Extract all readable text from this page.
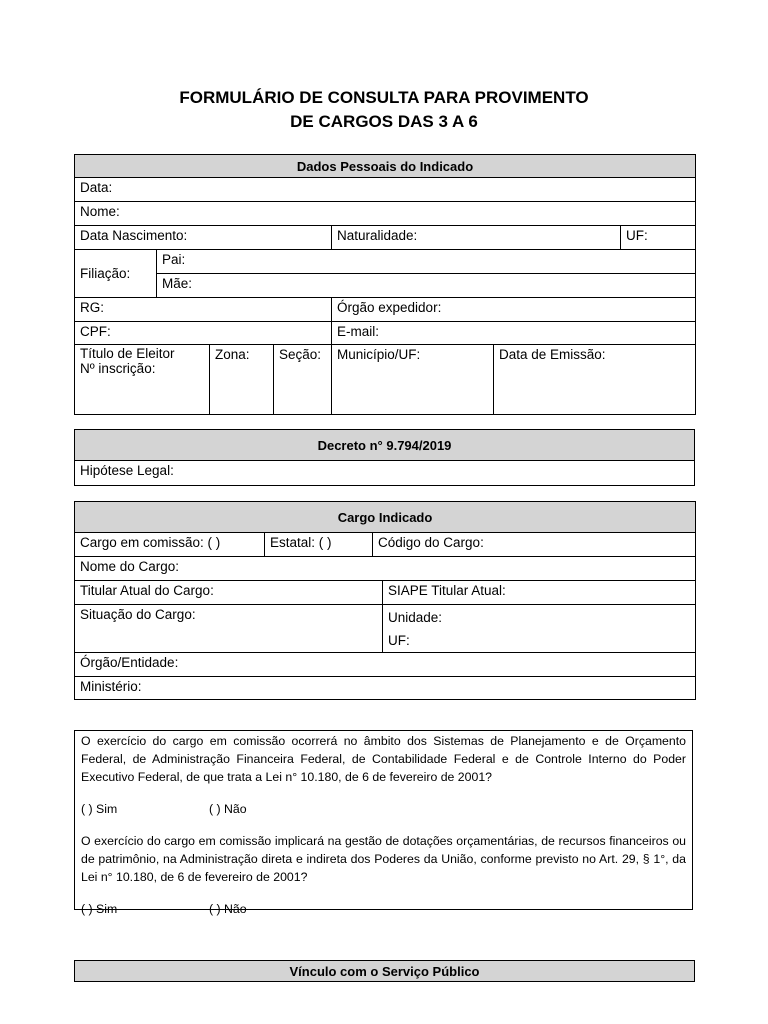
FORMULÁRIO DE CONSULTA PARA PROVIMENTO
DE CARGOS DAS 3 A 6
Dados Pessoais do Indicado						
Data:						
Nome:						
Data Nascimento:				Naturalidade:		UF:
Filiação:	Pai:					
	Mãe:					
RG:				Órgão expedidor:		
CPF:				E-mail:		

Título de Eleitor
Nº inscrição:		Zona:	Seção:	Município/UF:	Data de Emissão:	
Decreto n° 9.794/2019
Hipótese Legal:
Cargo Indicado			
Cargo em comissão: ( )	Estatal: ( )	Código do Cargo:	
Nome do Cargo:			
Titular Atual do Cargo:			SIAPE Titular Atual:
Situação do Cargo:			Unidade:
UF:

Órgão/Entidade:			
Ministério:			

O exercício do cargo em comissão ocorrerá no âmbito dos Sistemas de Planejamento e de Orçamento Federal, de Administração Financeira Federal, de Contabilidade Federal e de Controle Interno do Poder Executivo Federal, de que trata a Lei n° 10.180, de 6 de fevereiro de 2001?

( ) Sim	( ) Não

O exercício do cargo em comissão implicará na gestão de dotações orçamentárias, de recursos financeiros ou de patrimônio, na Administração direta e indireta dos Poderes da União, conforme previsto no Art. 29, § 1°, da Lei n° 10.180, de 6 de fevereiro de 2001?

( ) Sim	( ) Não
Vínculo com o Serviço Público
